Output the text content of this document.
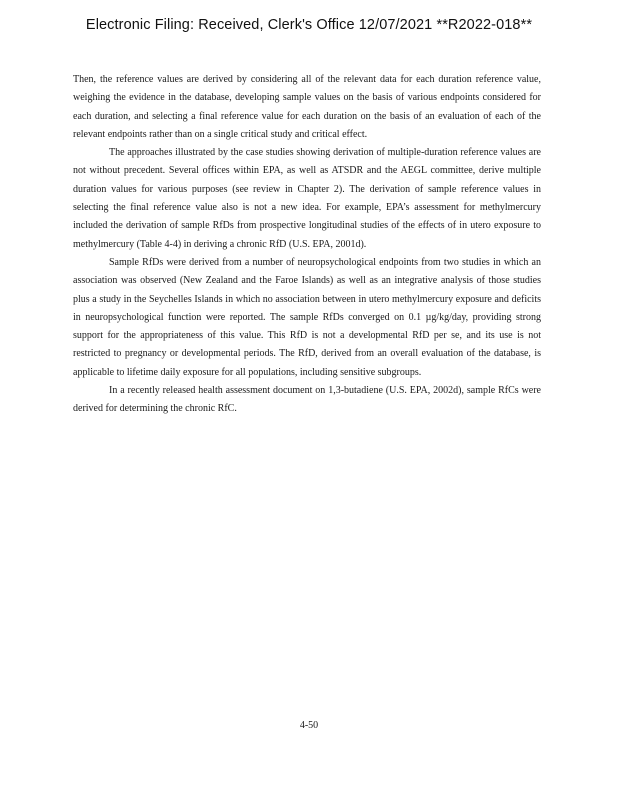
Electronic Filing: Received, Clerk's Office 12/07/2021 **R2022-018**

Then, the reference values are derived by considering all of the relevant data for each duration reference value, weighing the evidence in the database, developing sample values on the basis of various endpoints considered for each duration, and selecting a final reference value for each duration on the basis of an evaluation of each of the relevant endpoints rather than on a single critical study and critical effect.

The approaches illustrated by the case studies showing derivation of multiple-duration reference values are not without precedent. Several offices within EPA, as well as ATSDR and the AEGL committee, derive multiple duration values for various purposes (see review in Chapter 2). The derivation of sample reference values in selecting the final reference value also is not a new idea. For example, EPA’s assessment for methylmercury included the derivation of sample RfDs from prospective longitudinal studies of the effects of in utero exposure to methylmercury (Table 4-4) in deriving a chronic RfD (U.S. EPA, 2001d).

Sample RfDs were derived from a number of neuropsychological endpoints from two studies in which an association was observed (New Zealand and the Faroe Islands) as well as an integrative analysis of those studies plus a study in the Seychelles Islands in which no association between in utero methylmercury exposure and deficits in neuropsychological function were reported. The sample RfDs converged on 0.1 µg/kg/day, providing strong support for the appropriateness of this value. This RfD is not a developmental RfD per se, and its use is not restricted to pregnancy or developmental periods. The RfD, derived from an overall evaluation of the database, is applicable to lifetime daily exposure for all populations, including sensitive subgroups.

In a recently released health assessment document on 1,3-butadiene (U.S. EPA, 2002d), sample RfCs were derived for determining the chronic RfC.

4-50
